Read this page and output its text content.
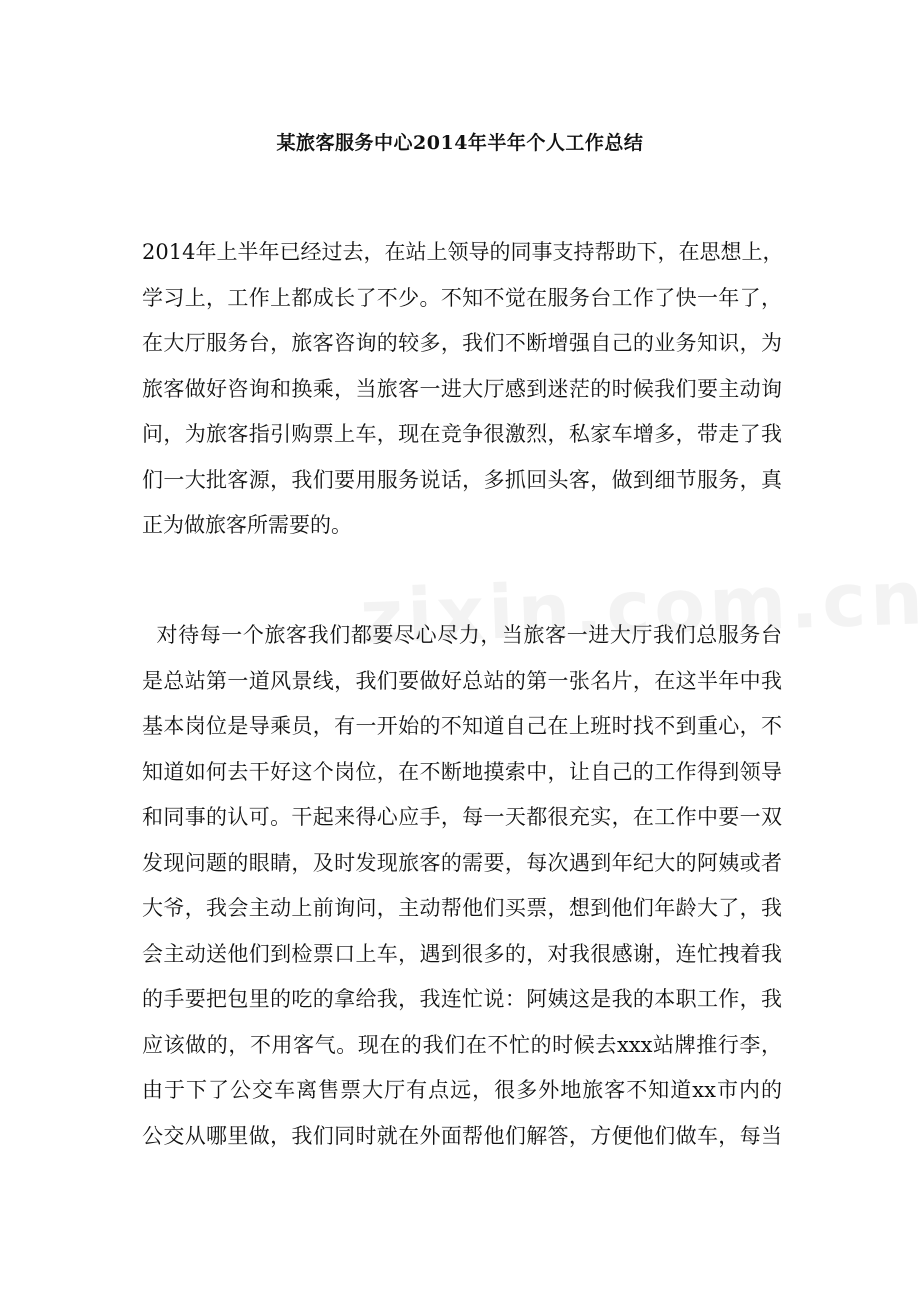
某旅客服务中心2014年半年个人工作总结
2014年上半年已经过去，在站上领导的同事支持帮助下，在思想上，
学习上，工作上都成长了不少。不知不觉在服务台工作了快一年了，
在大厅服务台，旅客咨询的较多，我们不断增强自己的业务知识，为
旅客做好咨询和换乘，当旅客一进大厅感到迷茫的时候我们要主动询
问，为旅客指引购票上车，现在竞争很激烈，私家车增多，带走了我
们一大批客源，我们要用服务说话，多抓回头客，做到细节服务，真
正为做旅客所需要的。
对待每一个旅客我们都要尽心尽力，当旅客一进大厅我们总服务台
是总站第一道风景线，我们要做好总站的第一张名片，在这半年中我
基本岗位是导乘员，有一开始的不知道自己在上班时找不到重心，不
知道如何去干好这个岗位，在不断地摸索中，让自己的工作得到领导
和同事的认可。干起来得心应手，每一天都很充实，在工作中要一双
发现问题的眼睛，及时发现旅客的需要，每次遇到年纪大的阿姨或者
大爷，我会主动上前询问，主动帮他们买票，想到他们年龄大了，我
会主动送他们到检票口上车，遇到很多的，对我很感谢，连忙拽着我
的手要把包里的吃的拿给我，我连忙说：阿姨这是我的本职工作，我
应该做的，不用客气。现在的我们在不忙的时候去xxx站牌推行李，
由于下了公交车离售票大厅有点远，很多外地旅客不知道xx市内的
公交从哪里做，我们同时就在外面帮他们解答，方便他们做车，每当
